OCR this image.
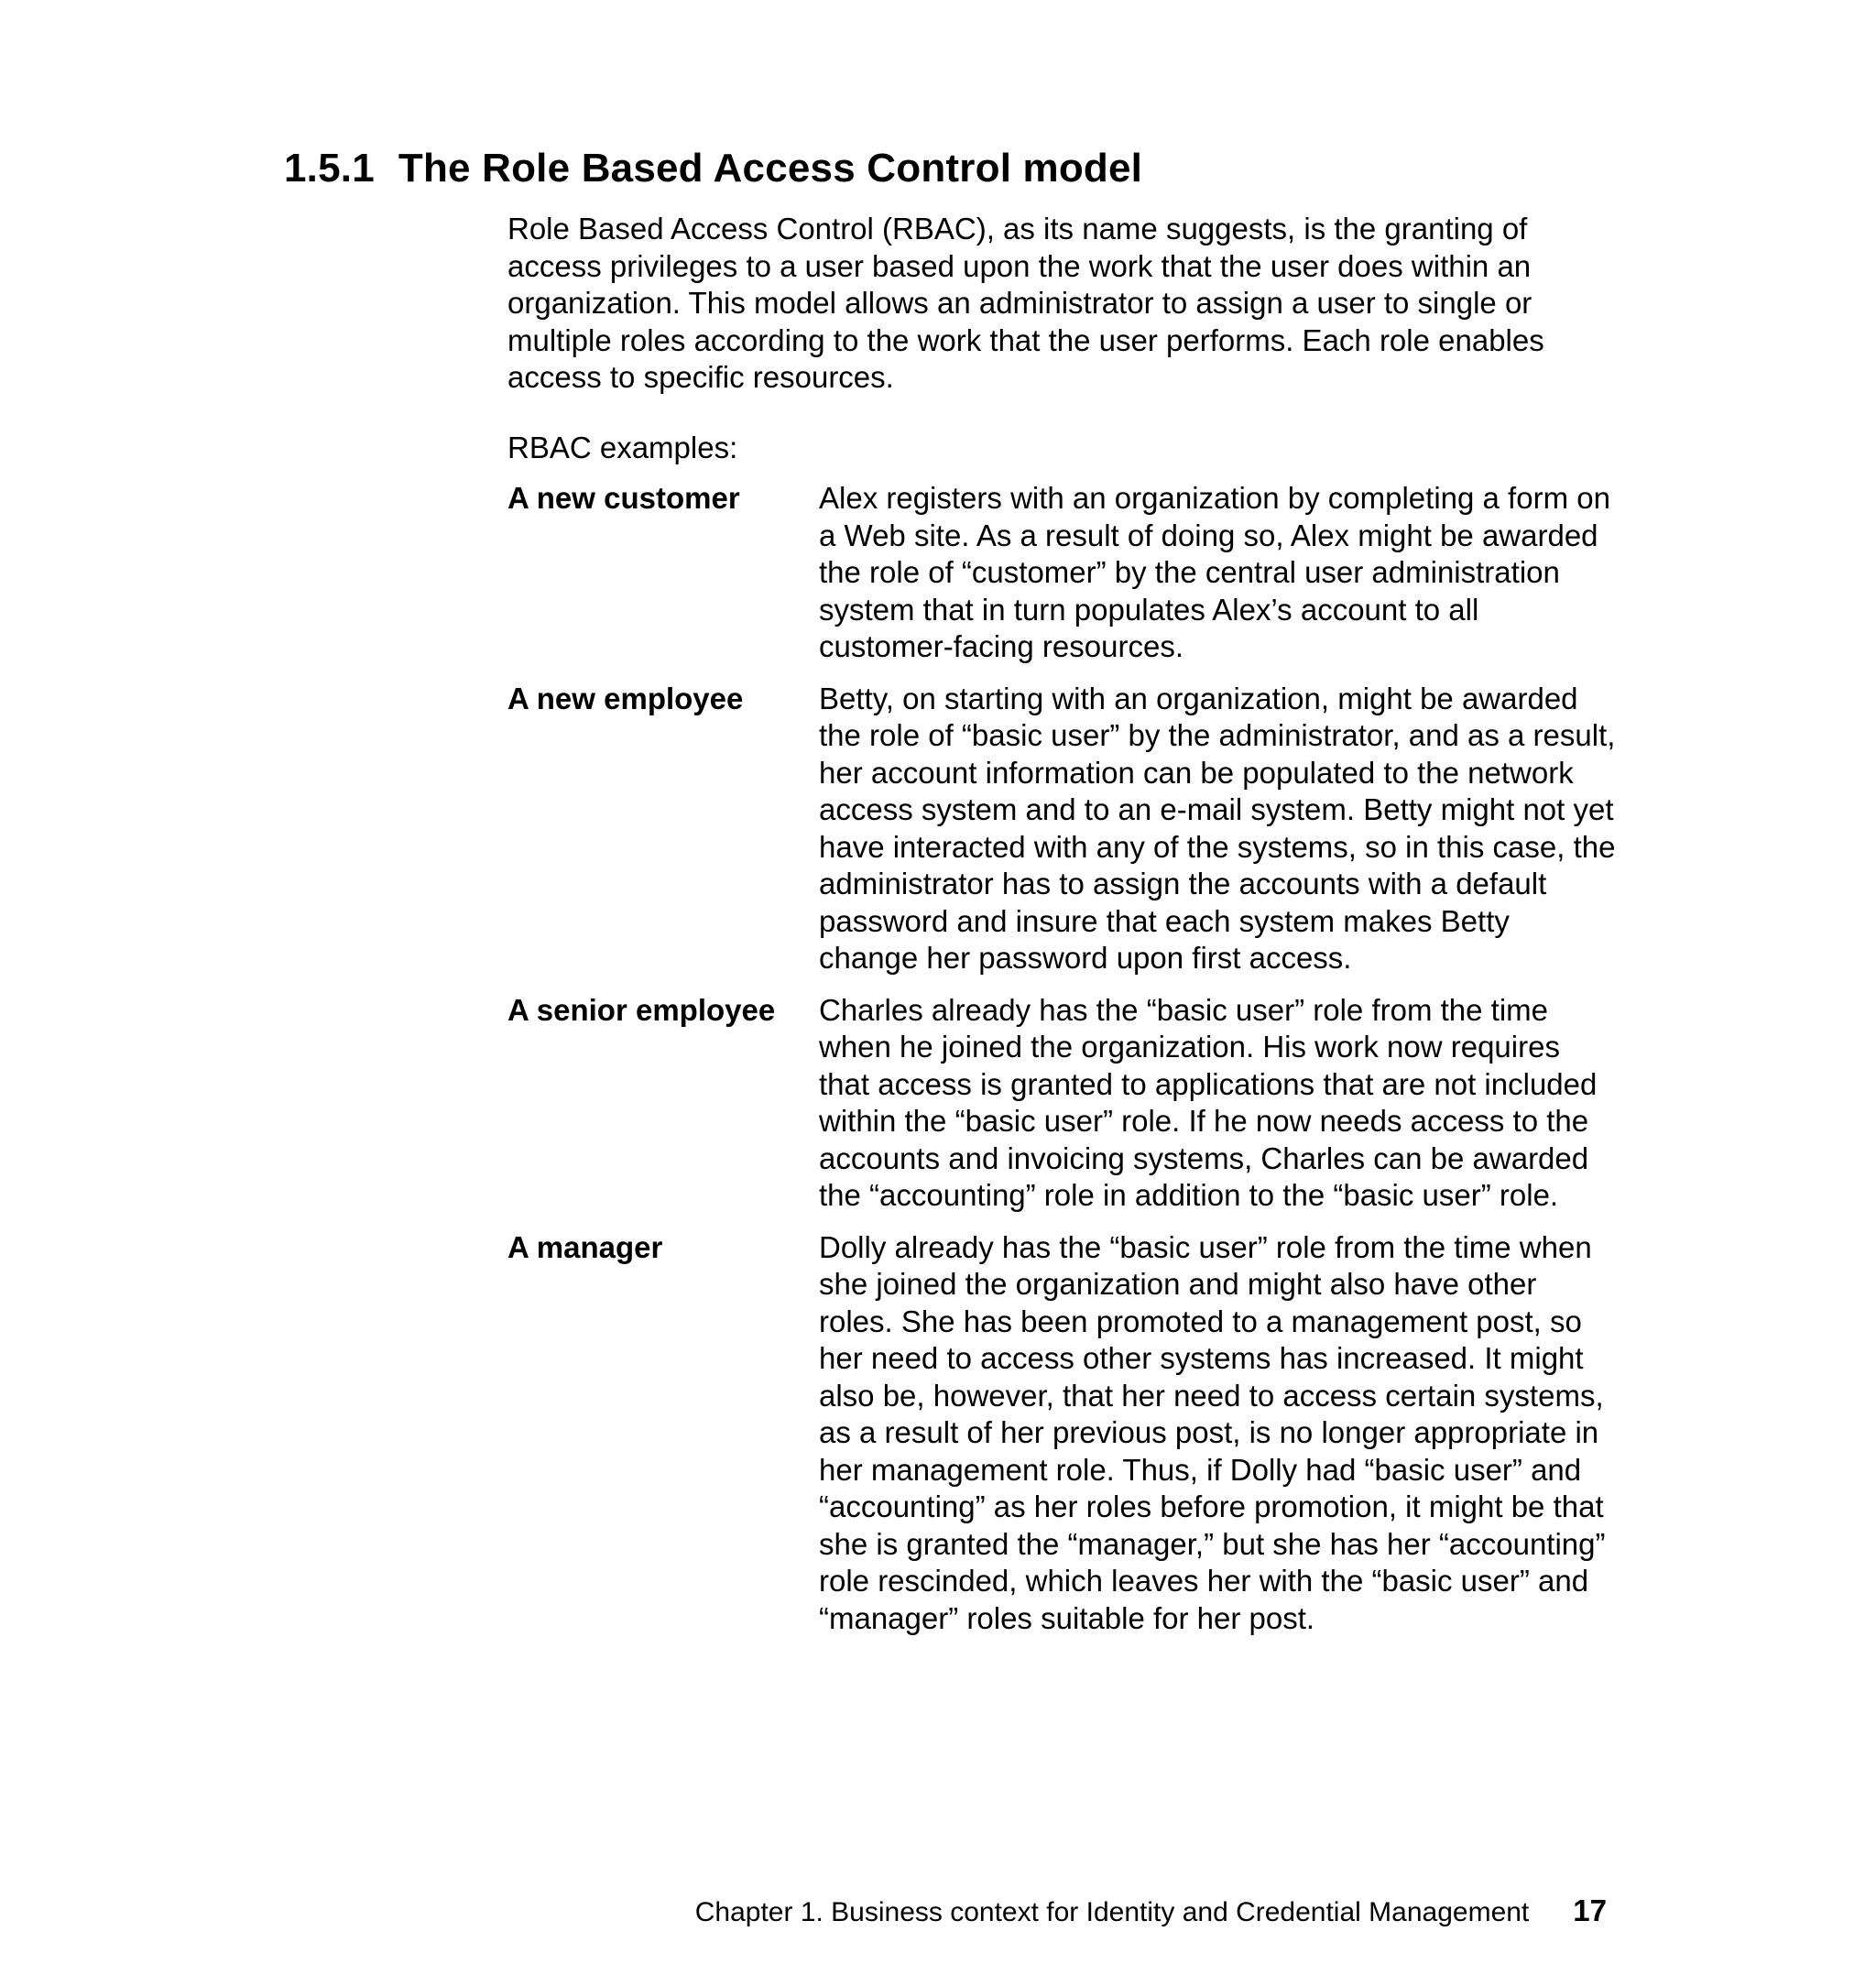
1.5.1 The Role Based Access Control model

Role Based Access Control (RBAC), as its name suggests, is the granting of access privileges to a user based upon the work that the user does within an organization. This model allows an administrator to assign a user to single or multiple roles according to the work that the user performs. Each role enables access to specific resources.

RBAC examples:

A new customer	Alex registers with an organization by completing a form on a Web site. As a result of doing so, Alex might be awarded the role of “customer” by the central user administration system that in turn populates Alex’s account to all customer-facing resources.

A new employee	Betty, on starting with an organization, might be awarded the role of “basic user” by the administrator, and as a result, her account information can be populated to the network access system and to an e-mail system. Betty might not yet have interacted with any of the systems, so in this case, the administrator has to assign the accounts with a default password and insure that each system makes Betty change her password upon first access.

A senior employee	Charles already has the “basic user” role from the time when he joined the organization. His work now requires that access is granted to applications that are not included within the “basic user” role. If he now needs access to the accounts and invoicing systems, Charles can be awarded the “accounting” role in addition to the “basic user” role.

A manager	Dolly already has the “basic user” role from the time when she joined the organization and might also have other roles. She has been promoted to a management post, so her need to access other systems has increased. It might also be, however, that her need to access certain systems, as a result of her previous post, is no longer appropriate in her management role. Thus, if Dolly had “basic user” and “accounting” as her roles before promotion, it might be that she is granted the “manager,” but she has her “accounting” role rescinded, which leaves her with the “basic user” and “manager” roles suitable for her post.

Chapter 1. Business context for Identity and Credential Management 17
